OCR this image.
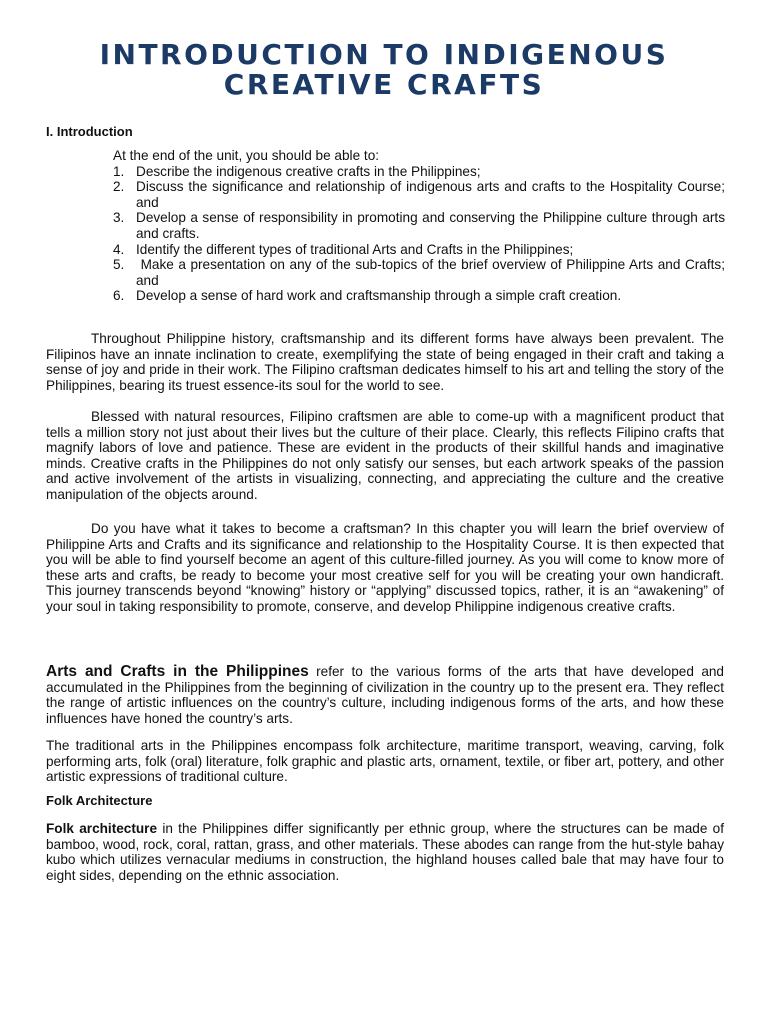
INTRODUCTION TO INDIGENOUS
CREATIVE CRAFTS
I. Introduction
At the end of the unit, you should be able to:
1. Describe the indigenous creative crafts in the Philippines;
2. Discuss the significance and relationship of indigenous arts and crafts to the Hospitality Course; and
3. Develop a sense of responsibility in promoting and conserving the Philippine culture through arts and crafts.
4. Identify the different types of traditional Arts and Crafts in the Philippines;
5. Make a presentation on any of the sub-topics of the brief overview of Philippine Arts and Crafts; and
6. Develop a sense of hard work and craftsmanship through a simple craft creation.

Throughout Philippine history, craftsmanship and its different forms have always been prevalent. The Filipinos have an innate inclination to create, exemplifying the state of being engaged in their craft and taking a sense of joy and pride in their work. The Filipino craftsman dedicates himself to his art and telling the story of the Philippines, bearing its truest essence-its soul for the world to see.

Blessed with natural resources, Filipino craftsmen are able to come-up with a magnificent product that tells a million story not just about their lives but the culture of their place. Clearly, this reflects Filipino crafts that magnify labors of love and patience. These are evident in the products of their skillful hands and imaginative minds. Creative crafts in the Philippines do not only satisfy our senses, but each artwork speaks of the passion and active involvement of the artists in visualizing, connecting, and appreciating the culture and the creative manipulation of the objects around.

Do you have what it takes to become a craftsman? In this chapter you will learn the brief overview of Philippine Arts and Crafts and its significance and relationship to the Hospitality Course. It is then expected that you will be able to find yourself become an agent of this culture-filled journey. As you will come to know more of these arts and crafts, be ready to become your most creative self for you will be creating your own handicraft. This journey transcends beyond “knowing” history or “applying” discussed topics, rather, it is an “awakening” of your soul in taking responsibility to promote, conserve, and develop Philippine indigenous creative crafts.

Arts and Crafts in the Philippines refer to the various forms of the arts that have developed and accumulated in the Philippines from the beginning of civilization in the country up to the present era. They reflect the range of artistic influences on the country’s culture, including indigenous forms of the arts, and how these influences have honed the country’s arts.

The traditional arts in the Philippines encompass folk architecture, maritime transport, weaving, carving, folk performing arts, folk (oral) literature, folk graphic and plastic arts, ornament, textile, or fiber art, pottery, and other artistic expressions of traditional culture.

Folk Architecture

Folk architecture in the Philippines differ significantly per ethnic group, where the structures can be made of bamboo, wood, rock, coral, rattan, grass, and other materials. These abodes can range from the hut-style bahay kubo which utilizes vernacular mediums in construction, the highland houses called bale that may have four to eight sides, depending on the ethnic association.
